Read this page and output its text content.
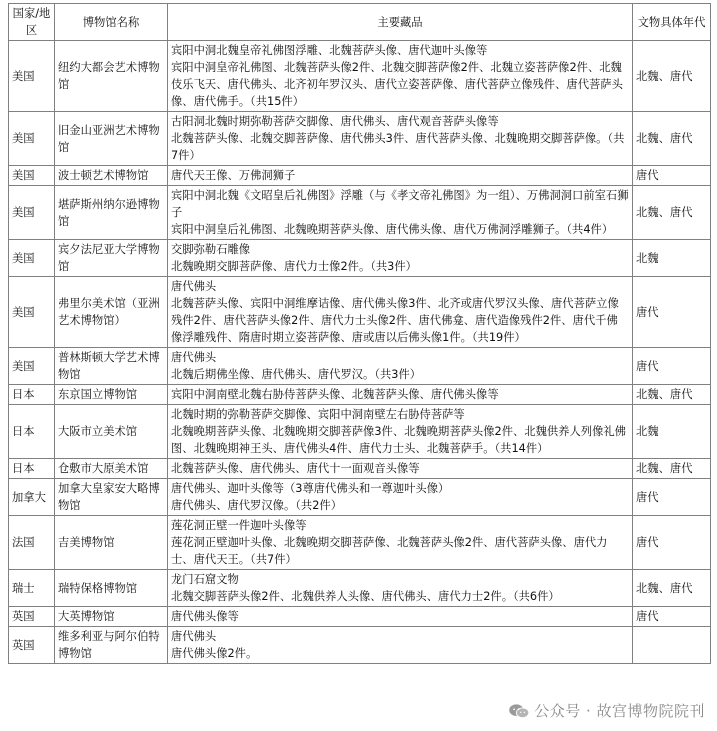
国家/地区	博物馆名称	主要藏品	文物具体年代
美国	纽约大都会艺术博物馆	宾阳中洞北魏皇帝礼佛图浮雕、北魏菩萨头像、唐代迦叶头像等
宾阳中洞皇帝礼佛图、北魏菩萨头像2件、北魏交脚菩萨像2件、北魏立姿菩萨像2件、北魏伎乐飞天、唐代佛头、北齐初年罗汉头、唐代立姿菩萨像、唐代菩萨立像残件、唐代菩萨头像、唐代佛手。（共15件）	北魏、唐代
美国	旧金山亚洲艺术博物馆	古阳洞北魏时期弥勒菩萨交脚像、唐代佛头、唐代观音菩萨头像等
北魏菩萨头像、北魏交脚菩萨像、唐代佛头3件、唐代菩萨头像、北魏晚期交脚菩萨像。（共7件）	北魏、唐代
美国	波士顿艺术博物馆	唐代天王像、万佛洞狮子	唐代
美国	堪萨斯州纳尔逊博物馆	宾阳中洞北魏《文昭皇后礼佛图》浮雕（与《孝文帝礼佛图》为一组）、万佛洞洞口前室石狮子
宾阳中洞皇后礼佛图、北魏晚期菩萨头像、唐代佛头像、唐代万佛洞浮雕狮子。（共4件）	北魏、唐代
美国	宾夕法尼亚大学博物馆	交脚弥勒石雕像
北魏晚期交脚菩萨像、唐代力士像2件。（共3件）	北魏
美国	弗里尔美术馆（亚洲艺术博物馆）	唐代佛头
北魏菩萨头像、宾阳中洞维摩诘像、唐代佛头像3件、北齐或唐代罗汉头像、唐代菩萨立像残件2件、唐代菩萨头像2件、唐代力士头像2件、唐代佛龛、唐代造像残件2件、唐代千佛像浮雕残件、隋唐时期立姿菩萨像、唐或唐以后佛头像1件。（共19件）	唐代
美国	普林斯顿大学艺术博物馆	唐代佛头
北魏后期佛坐像、唐代佛头、唐代罗汉。（共3件）	唐代
日本	东京国立博物馆	宾阳中洞南壁北魏右胁侍菩萨头像、北魏菩萨头像、唐代佛头像等	北魏、唐代
日本	大阪市立美术馆	北魏时期的弥勒菩萨交脚像、宾阳中洞南壁左右胁侍菩萨等
北魏晚期菩萨头像、北魏晚期交脚菩萨像3件、北魏晚期菩萨头像2件、北魏供养人列像礼佛图、北魏晚期神王头、唐代佛头4件、唐代力士头、北魏菩萨手。（共14件）	北魏
日本	仓敷市大原美术馆	北魏菩萨头像、唐代佛头、唐代十一面观音头像等	北魏、唐代
加拿大	加拿大皇家安大略博物馆	唐代佛头、迦叶头像等（3尊唐代佛头和一尊迦叶头像）
唐代佛头、唐代罗汉像。（共2件）	唐代
法国	吉美博物馆	莲花洞正壁一件迦叶头像等
莲花洞正壁迦叶头像、北魏晚期交脚菩萨像、北魏菩萨头像2件、唐代菩萨头像、唐代力士、唐代天王。（共7件）	唐代
瑞士	瑞特保格博物馆	龙门石窟文物
北魏交脚菩萨头像2件、北魏供养人头像、唐代佛头、唐代力士2件。（共6件）	北魏、唐代
英国	大英博物馆	唐代佛头像等	唐代
英国	维多利亚与阿尔伯特博物馆	唐代佛头
唐代佛头像2件。	

公众号 · 故宫博物院院刊
